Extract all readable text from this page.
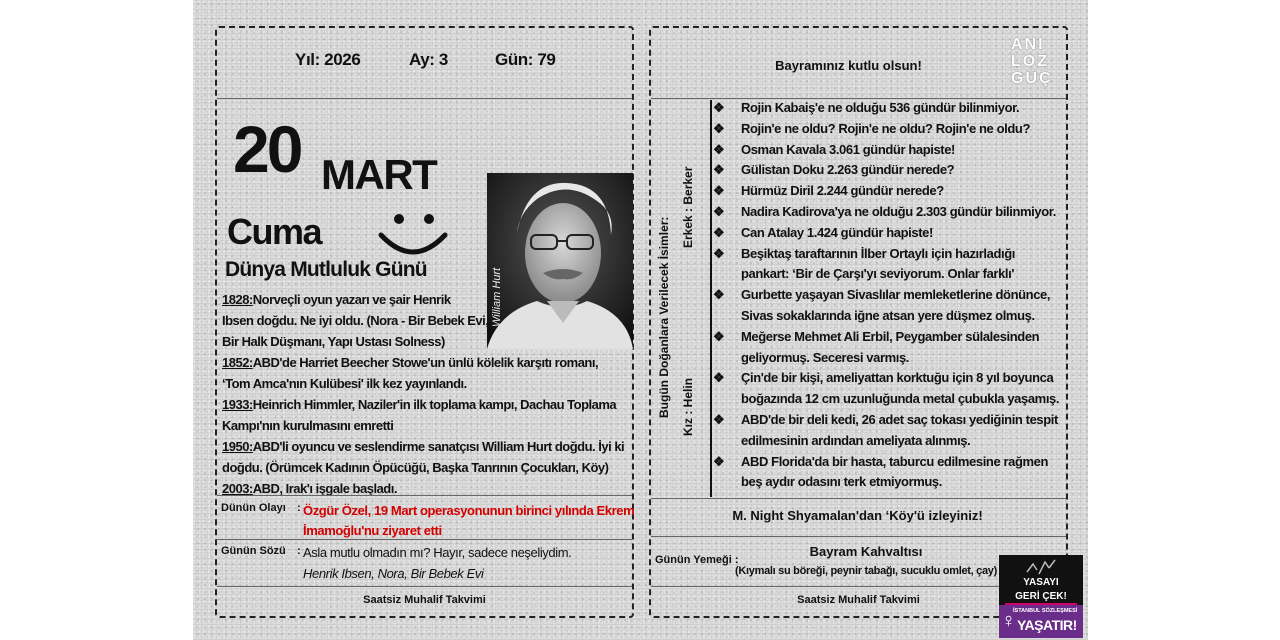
Yıl: 2026	Ay: 3	Gün: 79
20 MART
Cuma
Dünya Mutluluk Günü	William Hurt
1828:Norveçli oyun yazarı ve şair Henrik
Ibsen doğdu. Ne iyi oldu. (Nora - Bir Bebek Evi,
Bir Halk Düşmanı, Yapı Ustası Solness)
1852:ABD'de Harriet Beecher Stowe'un ünlü kölelik karşıtı romanı,
‘Tom Amca'nın Kulübesi' ilk kez yayınlandı.
1933:Heinrich Himmler, Naziler'in ilk toplama kampı, Dachau Toplama
Kampı'nın kurulmasını emretti
1950:ABD'li oyuncu ve seslendirme sanatçısı William Hurt doğdu. İyi ki
doğdu. (Örümcek Kadının Öpücüğü, Başka Tanrının Çocukları, Köy)
2003:ABD, Irak'ı işgale başladı.
Dünün Olayı : Özgür Özel, 19 Mart operasyonunun birinci yılında Ekrem
İmamoğlu'nu ziyaret etti
Günün Sözü : Asla mutlu olmadın mı? Hayır, sadece neşeliydim.
Henrik Ibsen, Nora, Bir Bebek Evi
Saatsiz Muhalif Takvimi
Bayramınız kutlu olsun!
ANI
LOZ
GÜÇ
Bugün Doğanlara Verilecek İsimler:
Erkek : Berker
Kız : Helin
❖ Rojin Kabaiş'e ne olduğu 536 gündür bilinmiyor.
❖ Rojin'e ne oldu? Rojin'e ne oldu? Rojin'e ne oldu?
❖ Osman Kavala 3.061 gündür hapiste!
❖ Gülistan Doku 2.263 gündür nerede?
❖ Hürmüz Diril 2.244 gündür nerede?
❖ Nadira Kadirova'ya ne olduğu 2.303 gündür bilinmiyor.
❖ Can Atalay 1.424 gündür hapiste!
❖ Beşiktaş taraftarının İlber Ortaylı için hazırladığı
pankart: ‘Bir de Çarşı'yı seviyorum. Onlar farklı'
❖ Gurbette yaşayan Sivaslılar memleketlerine dönünce,
Sivas sokaklarında iğne atsan yere düşmez olmuş.
❖ Meğerse Mehmet Ali Erbil, Peygamber sülalesinden
geliyormuş. Seceresi varmış.
❖ Çin'de bir kişi, ameliyattan korktuğu için 8 yıl boyunca
boğazında 12 cm uzunluğunda metal çubukla yaşamış.
❖ ABD'de bir deli kedi, 26 adet saç tokası yediğinin tespit
edilmesinin ardından ameliyata alınmış.
❖ ABD Florida'da bir hasta, taburcu edilmesine rağmen
beş aydır odasını terk etmiyormuş.
M. Night Shyamalan'dan ‘Köy'ü izleyiniz!
Günün Yemeği :
Bayram Kahvaltısı
(Kıymalı su böreği, peynir tabağı, sucuklu omlet, çay)
Saatsiz Muhalif Takvimi
YASAYI
GERİ ÇEK!
İSTANBUL SÖZLEŞMESİ
♀ YAŞATIR!
